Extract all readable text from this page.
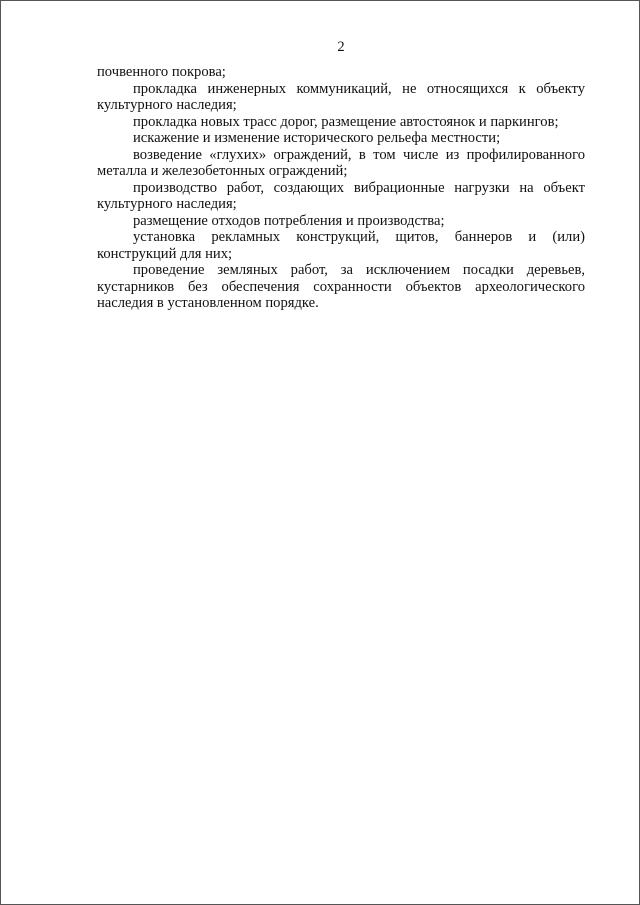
2
почвенного покрова;
прокладка инженерных коммуникаций, не относящихся к объекту
культурного наследия;
прокладка новых трасс дорог, размещение автостоянок и паркингов;
искажение и изменение исторического рельефа местности;
возведение «глухих» ограждений, в том числе из профилированного
металла и железобетонных ограждений;
производство работ, создающих вибрационные нагрузки на объект
культурного наследия;
размещение отходов потребления и производства;
установка рекламных конструкций, щитов, баннеров и (или)
конструкций для них;
проведение земляных работ, за исключением посадки деревьев,
кустарников без обеспечения сохранности объектов археологического
наследия в установленном порядке.
